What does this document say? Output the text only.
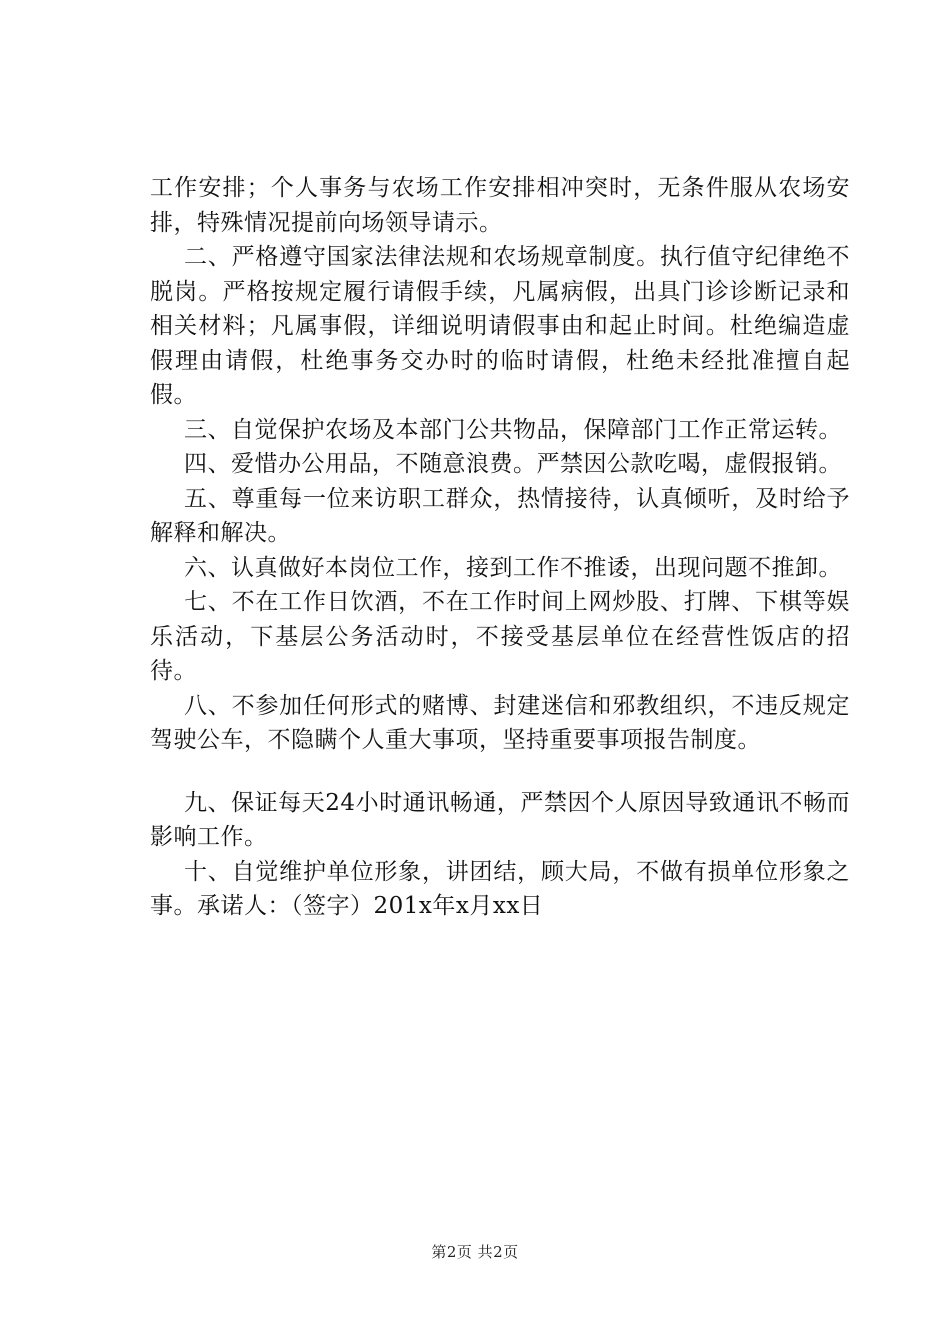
工作安排；个人事务与农场工作安排相冲突时，无条件服从农场安排，特殊情况提前向场领导请示。

二、严格遵守国家法律法规和农场规章制度。执行值守纪律绝不脱岗。严格按规定履行请假手续，凡属病假，出具门诊诊断记录和相关材料；凡属事假，详细说明请假事由和起止时间。杜绝编造虚假理由请假，杜绝事务交办时的临时请假，杜绝未经批准擅自起假。

三、自觉保护农场及本部门公共物品，保障部门工作正常运转。

四、爱惜办公用品，不随意浪费。严禁因公款吃喝，虚假报销。

五、尊重每一位来访职工群众，热情接待，认真倾听，及时给予解释和解决。

六、认真做好本岗位工作，接到工作不推诿，出现问题不推卸。

七、不在工作日饮酒，不在工作时间上网炒股、打牌、下棋等娱乐活动，下基层公务活动时，不接受基层单位在经营性饭店的招待。

八、不参加任何形式的赌博、封建迷信和邪教组织，不违反规定驾驶公车，不隐瞒个人重大事项，坚持重要事项报告制度。

九、保证每天24小时通讯畅通，严禁因个人原因导致通讯不畅而影响工作。

十、自觉维护单位形象，讲团结，顾大局，不做有损单位形象之事。承诺人：（签字）201x年x月xx日

第2页 共2页
